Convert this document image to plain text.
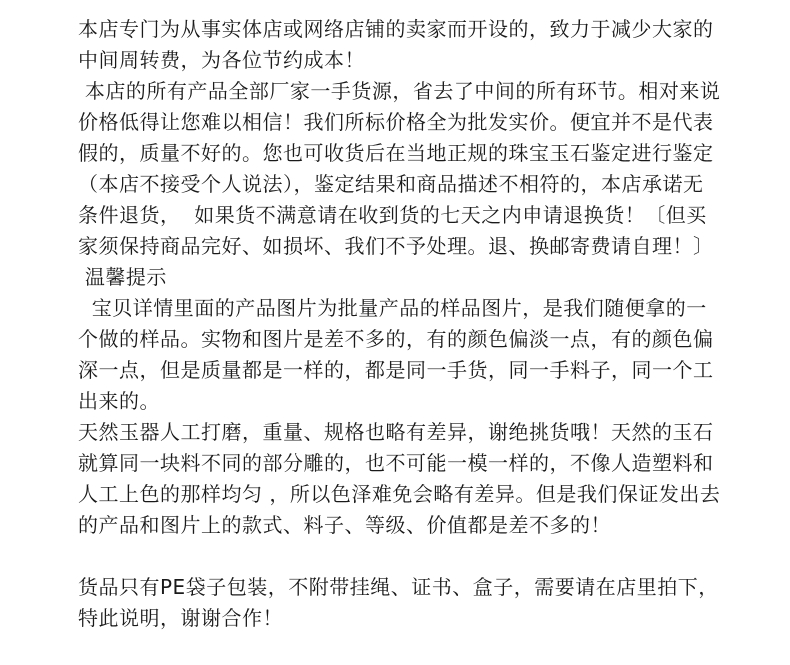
本店专门为从事实体店或网络店铺的卖家而开设的，致力于减少大家的
中间周转费，为各位节约成本！
本店的所有产品全部厂家一手货源，省去了中间的所有环节。相对来说
价格低得让您难以相信！我们所标价格全为批发实价。便宜并不是代表
假的，质量不好的。您也可收货后在当地正规的珠宝玉石鉴定进行鉴定
（本店不接受个人说法），鉴定结果和商品描述不相符的，本店承诺无
条件退货，  如果货不满意请在收到货的七天之内申请退换货！〔但买
家须保持商品完好、如损坏、我们不予处理。退、换邮寄费请自理！〕
温馨提示
宝贝详情里面的产品图片为批量产品的样品图片，是我们随便拿的一
个做的样品。实物和图片是差不多的，有的颜色偏淡一点，有的颜色偏
深一点，但是质量都是一样的，都是同一手货，同一手料子，同一个工
出来的。
天然玉器人工打磨，重量、规格也略有差异，谢绝挑货哦！天然的玉石
就算同一块料不同的部分雕的，也不可能一模一样的，不像人造塑料和
人工上色的那样均匀 ，所以色泽难免会略有差异。但是我们保证发出去
的产品和图片上的款式、料子、等级、价值都是差不多的！
货品只有PE袋子包装，不附带挂绳、证书、盒子，需要请在店里拍下，
特此说明，谢谢合作！
